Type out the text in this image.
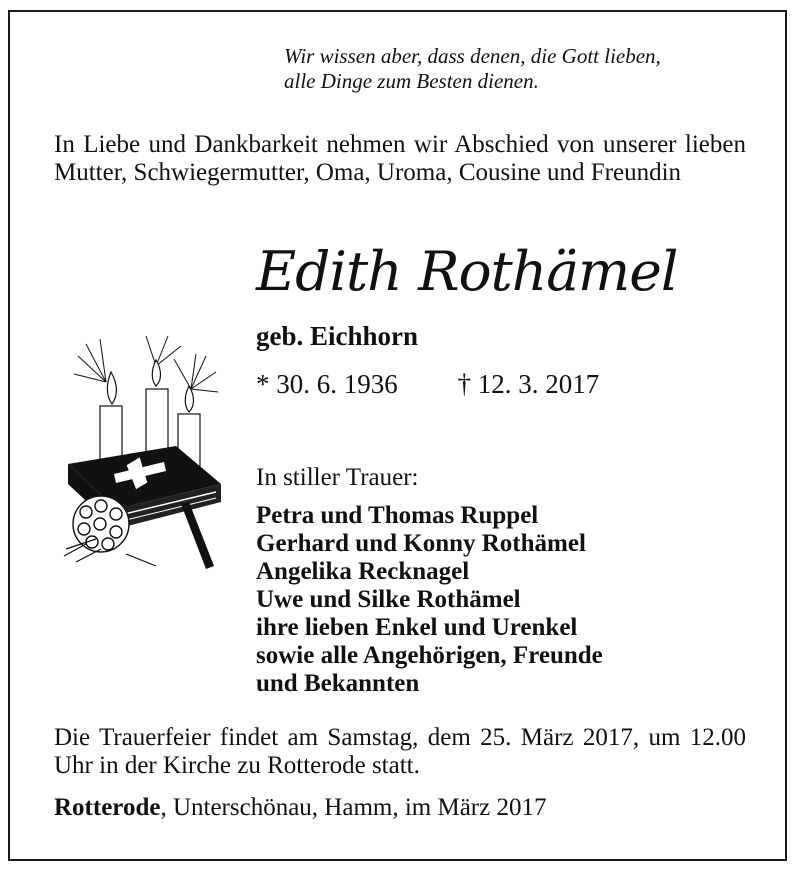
Wir wissen aber, dass denen, die Gott lieben,
alle Dinge zum Besten dienen.
In Liebe und Dankbarkeit nehmen wir Abschied von unserer lieben Mutter, Schwiegermutter, Oma, Uroma, Cousine und Freundin
Edith Rothämel
geb. Eichhorn
* 30. 6. 1936 † 12. 3. 2017
In stiller Trauer:
Petra und Thomas Ruppel
Gerhard und Konny Rothämel
Angelika Recknagel
Uwe und Silke Rothämel
ihre lieben Enkel und Urenkel
sowie alle Angehörigen, Freunde
und Bekannten
Die Trauerfeier findet am Samstag, dem 25. März 2017, um 12.00 Uhr in der Kirche zu Rotterode statt.
Rotterode, Unterschönau, Hamm, im März 2017
